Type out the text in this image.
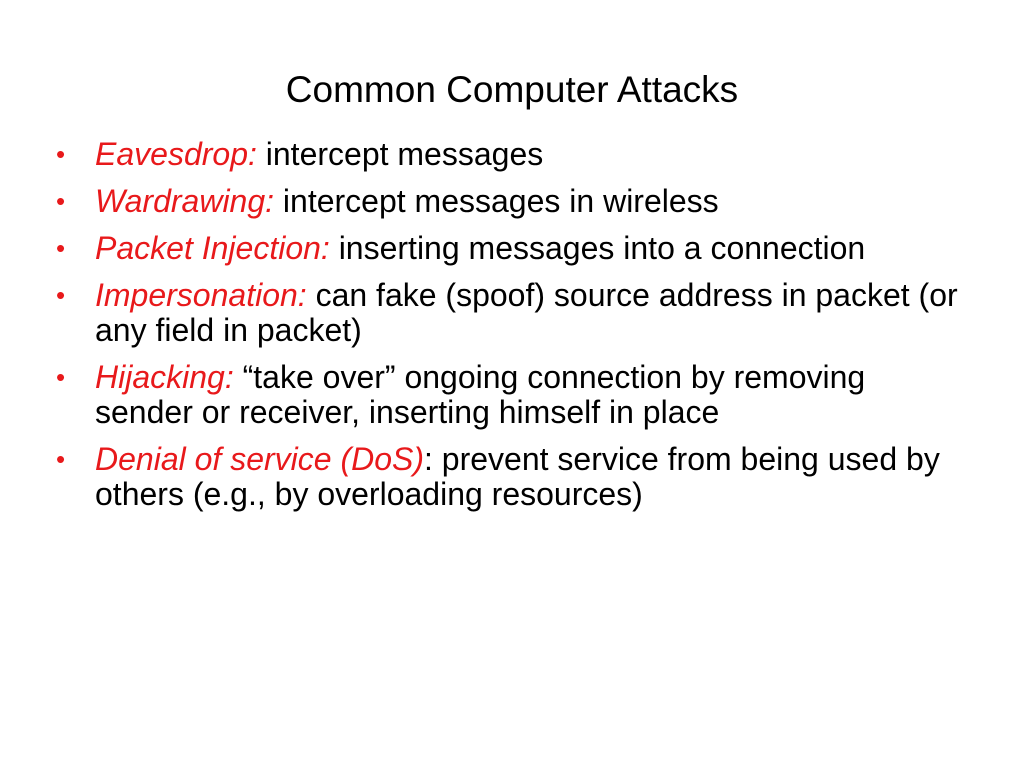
Common Computer Attacks
• Eavesdrop: intercept messages
• Wardrawing: intercept messages in wireless
• Packet Injection: inserting messages into a connection
• Impersonation: can fake (spoof) source address in packet (or any field in packet)
• Hijacking: “take over” ongoing connection by removing sender or receiver, inserting himself in place
• Denial of service (DoS): prevent service from being used by others (e.g., by overloading resources)
